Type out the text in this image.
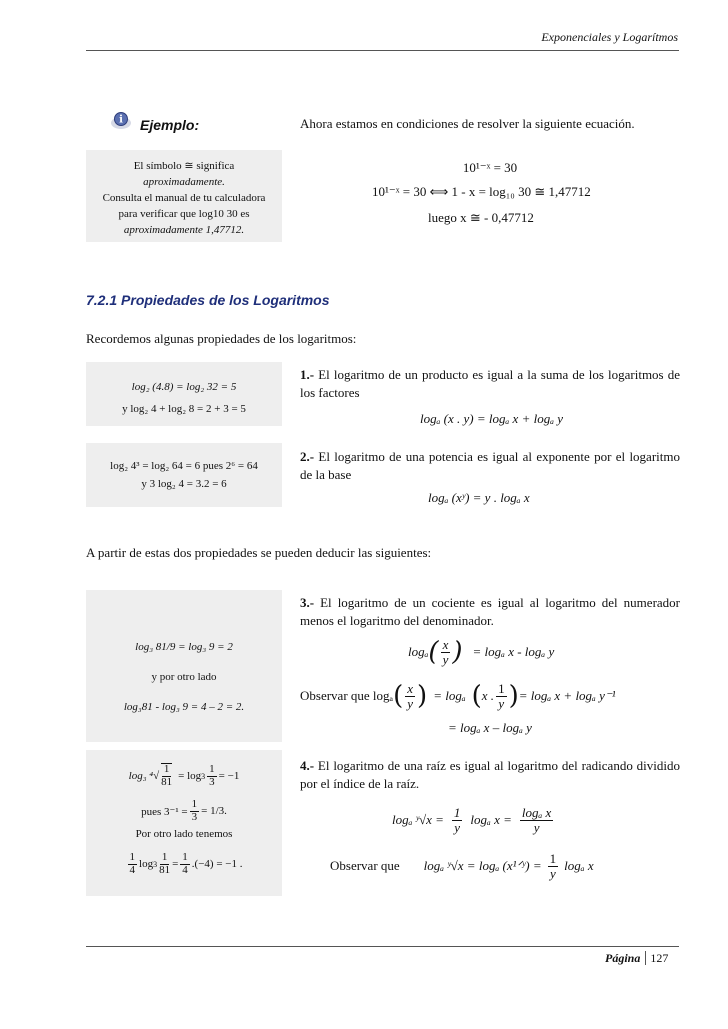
Exponenciales y Logarítmos
i Ejemplo:
El símbolo ≅ significa
aproximadamente.
Consulta el manual de tu calculadora
para verificar que log10 30 es
aproximadamente 1,47712.
Ahora estamos en condiciones de resolver la siguiente ecuación.
10¹⁻ˣ = 30
10¹⁻ˣ = 30 ⟺ 1 - x = log₁₀ 30 ≅ 1,47712
luego x ≅ - 0,47712
7.2.1 Propiedades de los Logaritmos
Recordemos algunas propiedades de los logaritmos:
log₂ (4.8) = log₂ 32 = 5
y log₂ 4 + log₂ 8 = 2 + 3 = 5
1.- El logaritmo de un producto es igual a la suma de los logaritmos de los factores
logₐ (x . y) = logₐ x + logₐ y
log₂ 4³ = log₂ 64 = 6 pues 2⁶ = 64
y 3 log₂ 4 = 3.2 = 6
2.- El logaritmo de una potencia es igual al exponente por el logaritmo de la base
logₐ (xʸ) = y . logₐ x
A partir de estas dos propiedades se pueden deducir las siguientes:
log₃ 81/9 = log₃ 9 = 2
y por otro lado
log₃81 - log₃ 9 = 4 – 2 = 2.
3.- El logaritmo de un cociente es igual al logaritmo del numerador menos el logaritmo del denominador.
logₐ ( $\frac{x}{y}$ ) = logₐ x - logₐ y
Observar que logₐ ( $\frac{x}{y}$ ) = logₐ ( x . $\frac{1}{y}$ ) = logₐ x + logₐ y⁻¹
= logₐ x – logₐ y
log₃ $^4√ \frac{1}{81} = \log 3 \frac{1}{3} = -1$
pues $3^{-1} = \frac{1}{3} = 1/3$.
Por otro lado tenemos
$\frac{1}{4}$ $\log 3 \frac{1}{81} = \frac{1}{4} .(-4) = -1$ .
4.- El logaritmo de una raíz es igual al logaritmo del radicando dividido por el índice de la raíz.
logₐ ʸ√x = $\frac{1}{y}$ logₐ $x = \frac{\text{logₐ x}}{y}$
Observar que logₐ ʸ√x = logₐ (x¹ᐟʸ) = $\frac{1}{y}$ logₐ x
Página 127
